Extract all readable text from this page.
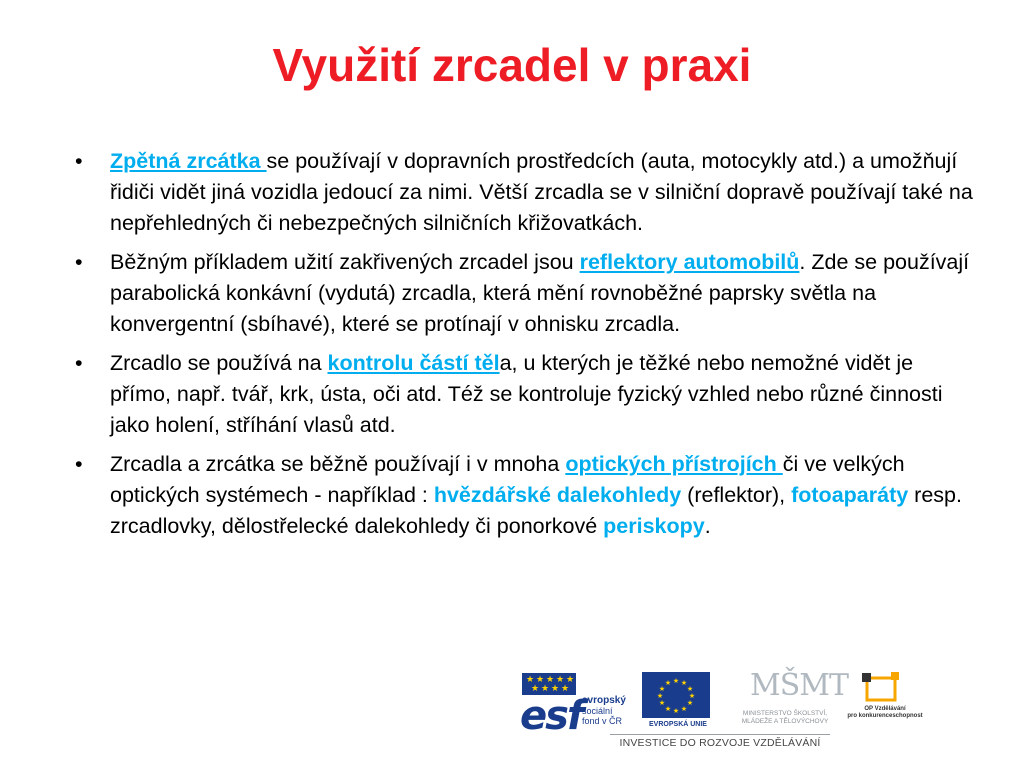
Využití zrcadel v praxi
• Zpětná zrcátka se používají v dopravních prostředcích (auta, motocykly atd.) a umožňují řidiči vidět jiná vozidla jedoucí za nimi. Větší zrcadla se v silniční dopravě používají také na nepřehledných či nebezpečných silničních křižovatkách.
• Běžným příkladem užití zakřivených zrcadel jsou reflektory automobilů. Zde se používají parabolická konkávní (vydutá) zrcadla, která mění rovnoběžné paprsky světla na konvergentní (sbíhavé), které se protínají v ohnisku zrcadla.
• Zrcadlo se používá na kontrolu částí těla, u kterých je těžké nebo nemožné vidět je přímo, např. tvář, krk, ústa, oči atd. Též se kontroluje fyzický vzhled nebo různé činnosti jako holení, stříhání vlasů atd.
• Zrcadla a zrcátka se běžně používají i v mnoha optických přístrojích či ve velkých optických systémech - například : hvězdářské dalekohledy (reflektor), fotoaparáty resp. zrcadlovky, dělostřelecké dalekohledy či ponorkové periskopy.
★ ★ ★ ★ ★
★ ★ ★ ★
esf evropský
sociální
fond v ČR
★ ★
★
★
★
★
★
★
★
★
★
★
EVROPSKÁ UNIE
MŠMT
MINISTERSTVO ŠKOLSTVÍ,
MLÁDEŽE A TĚLOVÝCHOVY
OP Vzdělávání
pro konkurenceschopnost
INVESTICE DO ROZVOJE VZDĚLÁVÁNÍ
